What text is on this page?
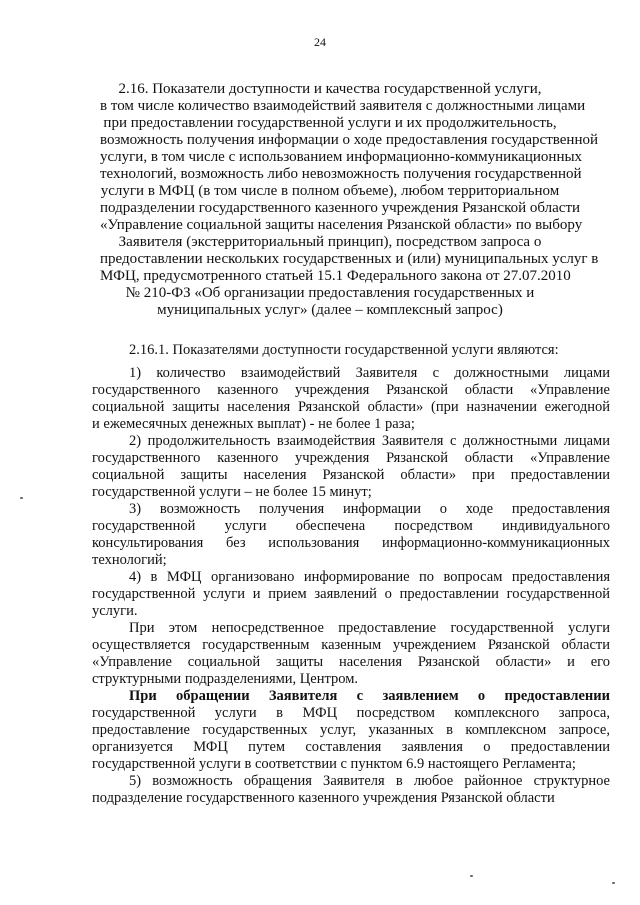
24
2.16. Показатели доступности и качества государственной услуги,
в том числе количество взаимодействий заявителя с должностными лицами
при предоставлении государственной услуги и их продолжительность,
возможность получения информации о ходе предоставления государственной
услуги, в том числе с использованием информационно-коммуникационных
технологий, возможность либо невозможность получения государственной
услуги в МФЦ (в том числе в полном объеме), любом территориальном
подразделении государственного казенного учреждения Рязанской области
«Управление социальной защиты населения Рязанской области» по выбору
Заявителя (экстерриториальный принцип), посредством запроса о
предоставлении нескольких государственных и (или) муниципальных услуг в
МФЦ, предусмотренного статьей 15.1 Федерального закона от 27.07.2010
№ 210-ФЗ «Об организации предоставления государственных и
муниципальных услуг» (далее – комплексный запрос)
2.16.1. Показателями доступности государственной услуги являются:
1) количество взаимодействий Заявителя с должностными лицами
государственного казенного учреждения Рязанской области «Управление
социальной защиты населения Рязанской области» (при назначении ежегодной
и ежемесячных денежных выплат) - не более 1 раза;
2) продолжительность взаимодействия Заявителя с должностными лицами
государственного казенного учреждения Рязанской области «Управление
социальной защиты населения Рязанской области» при предоставлении
государственной услуги – не более 15 минут;
3) возможность получения информации о ходе предоставления
государственной услуги обеспечена посредством индивидуального
консультирования без использования информационно-коммуникационных
технологий;
4) в МФЦ организовано информирование по вопросам предоставления
государственной услуги и прием заявлений о предоставлении государственной
услуги.
При этом непосредственное предоставление государственной услуги
осуществляется государственным казенным учреждением Рязанской области
«Управление социальной защиты населения Рязанской области» и его
структурными подразделениями, Центром.
При обращении Заявителя с заявлением о предоставлении
государственной услуги в МФЦ посредством комплексного запроса,
предоставление государственных услуг, указанных в комплексном запросе,
организуется МФЦ путем составления заявления о предоставлении
государственной услуги в соответствии с пунктом 6.9 настоящего Регламента;
5) возможность обращения Заявителя в любое районное структурное
подразделение государственного казенного учреждения Рязанской области
